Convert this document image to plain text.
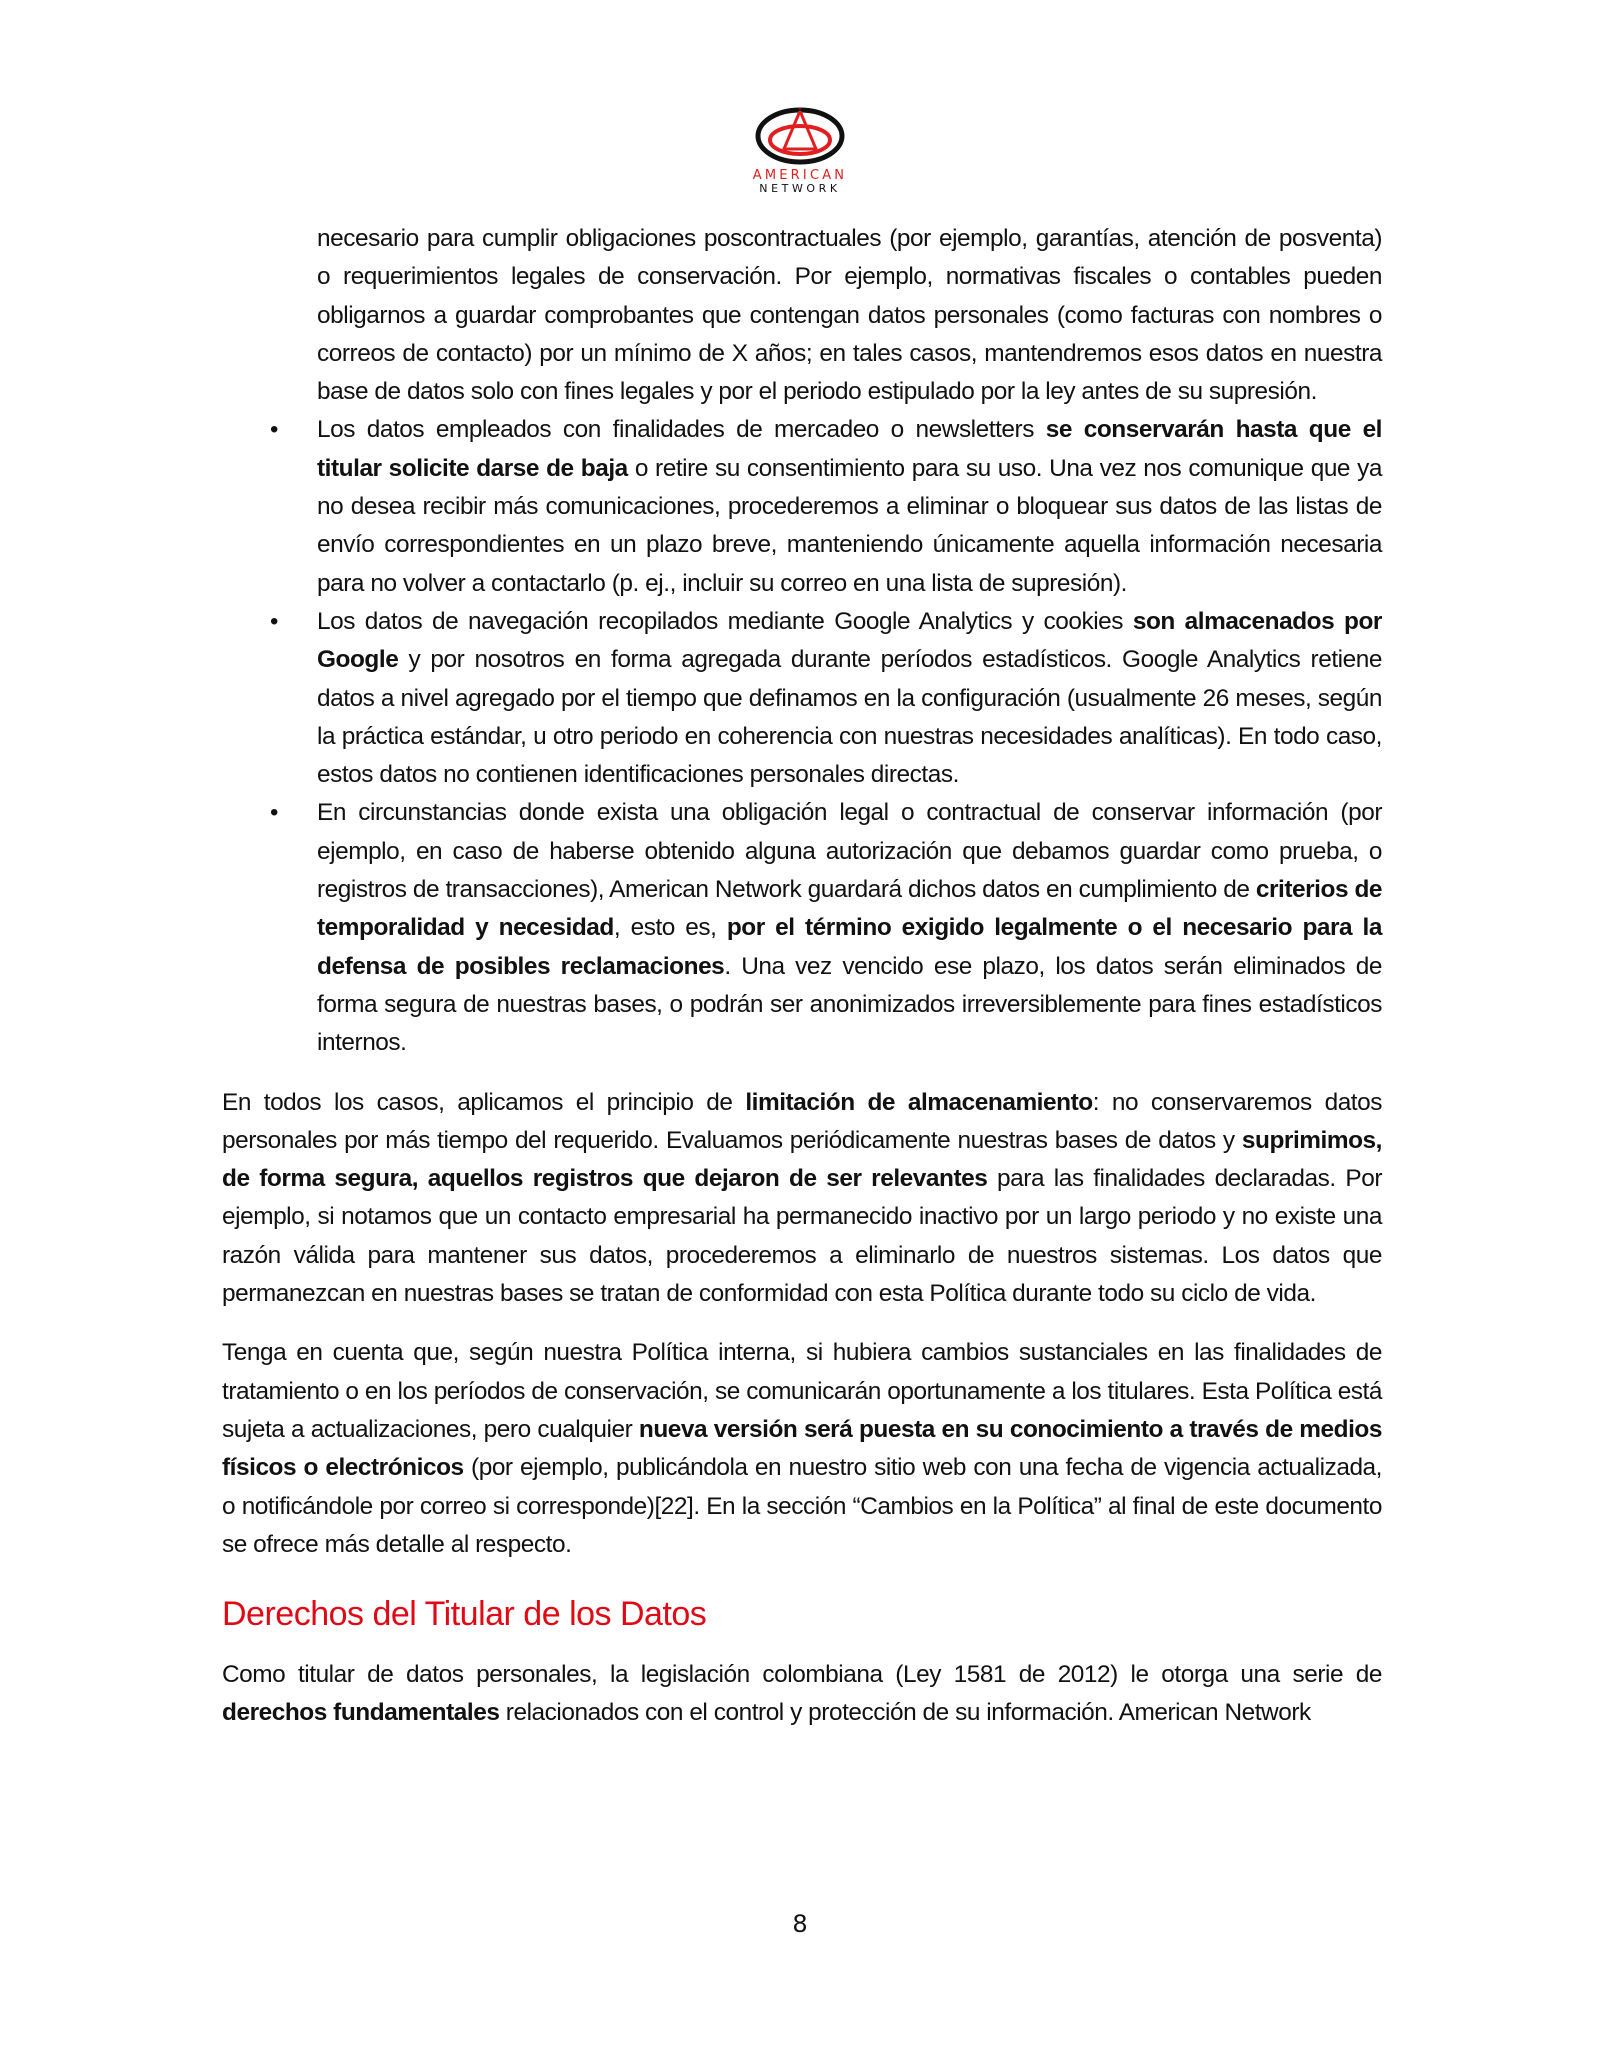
AMERICAN
NETWORK

necesario para cumplir obligaciones poscontractuales (por ejemplo, garantías, atención de posventa) o requerimientos legales de conservación. Por ejemplo, normativas fiscales o contables pueden obligarnos a guardar comprobantes que contengan datos personales (como facturas con nombres o correos de contacto) por un mínimo de X años; en tales casos, mantendremos esos datos en nuestra base de datos solo con fines legales y por el periodo estipulado por la ley antes de su supresión.

• Los datos empleados con finalidades de mercadeo o newsletters se conservarán hasta que el titular solicite darse de baja o retire su consentimiento para su uso. Una vez nos comunique que ya no desea recibir más comunicaciones, procederemos a eliminar o bloquear sus datos de las listas de envío correspondientes en un plazo breve, manteniendo únicamente aquella información necesaria para no volver a contactarlo (p. ej., incluir su correo en una lista de supresión).

• Los datos de navegación recopilados mediante Google Analytics y cookies son almacenados por Google y por nosotros en forma agregada durante períodos estadísticos. Google Analytics retiene datos a nivel agregado por el tiempo que definamos en la configuración (usualmente 26 meses, según la práctica estándar, u otro periodo en coherencia con nuestras necesidades analíticas). En todo caso, estos datos no contienen identificaciones personales directas.

• En circunstancias donde exista una obligación legal o contractual de conservar información (por ejemplo, en caso de haberse obtenido alguna autorización que debamos guardar como prueba, o registros de transacciones), American Network guardará dichos datos en cumplimiento de criterios de temporalidad y necesidad, esto es, por el término exigido legalmente o el necesario para la defensa de posibles reclamaciones. Una vez vencido ese plazo, los datos serán eliminados de forma segura de nuestras bases, o podrán ser anonimizados irreversiblemente para fines estadísticos internos.

En todos los casos, aplicamos el principio de limitación de almacenamiento: no conservaremos datos personales por más tiempo del requerido. Evaluamos periódicamente nuestras bases de datos y suprimimos, de forma segura, aquellos registros que dejaron de ser relevantes para las finalidades declaradas. Por ejemplo, si notamos que un contacto empresarial ha permanecido inactivo por un largo periodo y no existe una razón válida para mantener sus datos, procederemos a eliminarlo de nuestros sistemas. Los datos que permanezcan en nuestras bases se tratan de conformidad con esta Política durante todo su ciclo de vida.

Tenga en cuenta que, según nuestra Política interna, si hubiera cambios sustanciales en las finalidades de tratamiento o en los períodos de conservación, se comunicarán oportunamente a los titulares. Esta Política está sujeta a actualizaciones, pero cualquier nueva versión será puesta en su conocimiento a través de medios físicos o electrónicos (por ejemplo, publicándola en nuestro sitio web con una fecha de vigencia actualizada, o notificándole por correo si corresponde)[22]. En la sección “Cambios en la Política” al final de este documento se ofrece más detalle al respecto.

Derechos del Titular de los Datos

Como titular de datos personales, la legislación colombiana (Ley 1581 de 2012) le otorga una serie de derechos fundamentales relacionados con el control y protección de su información. American Network

8
